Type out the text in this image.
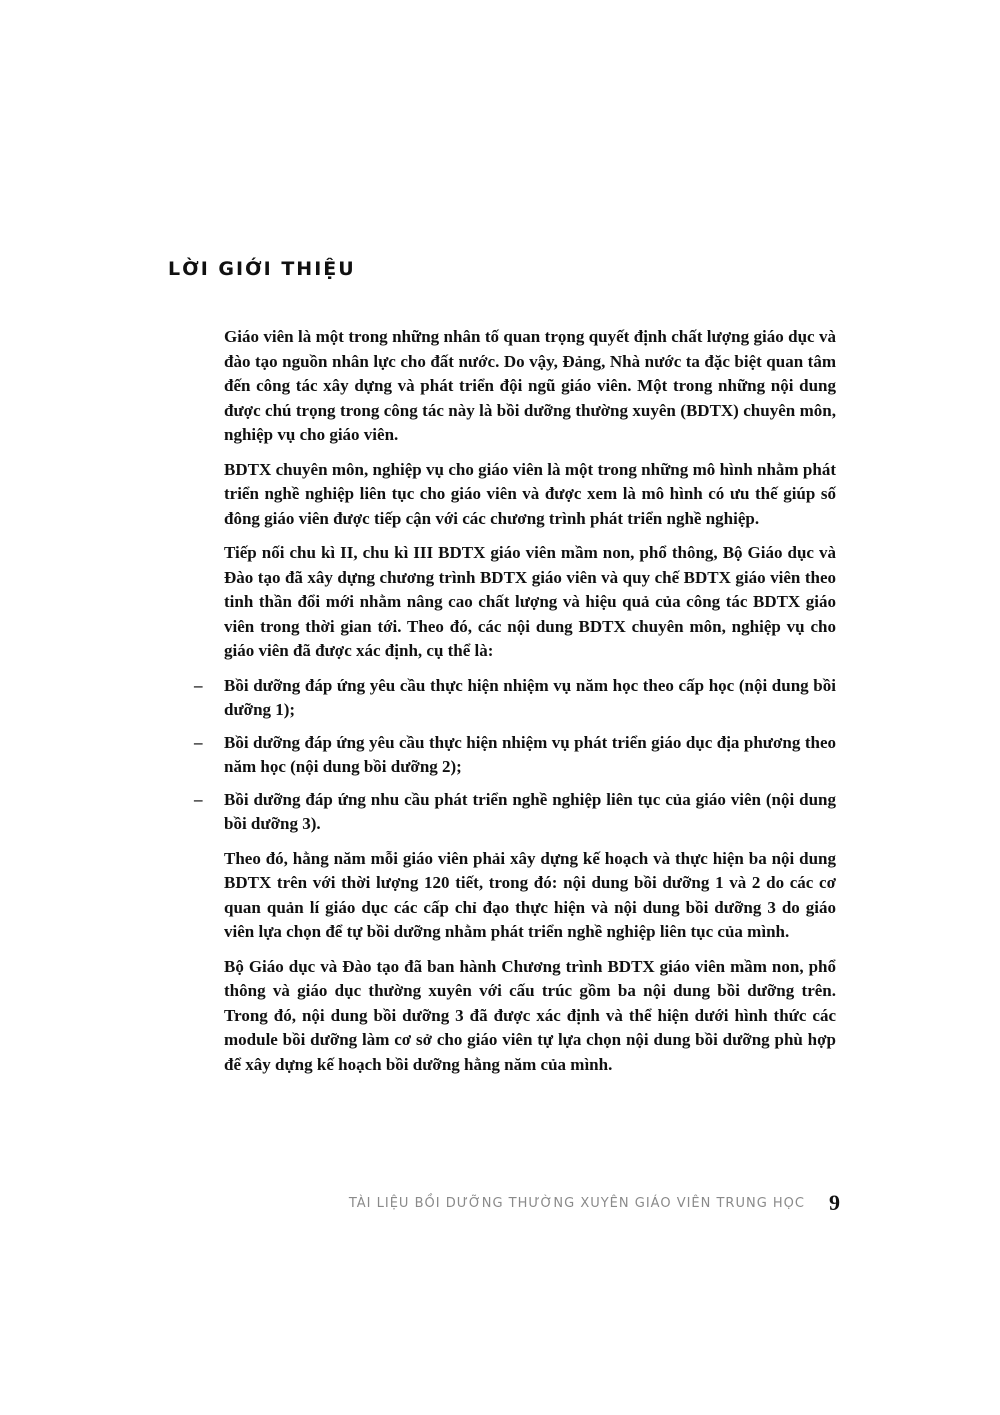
LỜI GIỚI THIỆU

Giáo viên là một trong những nhân tố quan trọng quyết định chất lượng giáo dục và đào tạo nguồn nhân lực cho đất nước. Do vậy, Đảng, Nhà nước ta đặc biệt quan tâm đến công tác xây dựng và phát triển đội ngũ giáo viên. Một trong những nội dung được chú trọng trong công tác này là bồi dưỡng thường xuyên (BDTX) chuyên môn, nghiệp vụ cho giáo viên.

BDTX chuyên môn, nghiệp vụ cho giáo viên là một trong những mô hình nhằm phát triển nghề nghiệp liên tục cho giáo viên và được xem là mô hình có ưu thế giúp số đông giáo viên được tiếp cận với các chương trình phát triển nghề nghiệp.

Tiếp nối chu kì II, chu kì III BDTX giáo viên mầm non, phổ thông, Bộ Giáo dục và Đào tạo đã xây dựng chương trình BDTX giáo viên và quy chế BDTX giáo viên theo tinh thần đổi mới nhằm nâng cao chất lượng và hiệu quả của công tác BDTX giáo viên trong thời gian tới. Theo đó, các nội dung BDTX chuyên môn, nghiệp vụ cho giáo viên đã được xác định, cụ thể là:

– Bồi dưỡng đáp ứng yêu cầu thực hiện nhiệm vụ năm học theo cấp học (nội dung bồi dưỡng 1);
– Bồi dưỡng đáp ứng yêu cầu thực hiện nhiệm vụ phát triển giáo dục địa phương theo năm học (nội dung bồi dưỡng 2);
– Bồi dưỡng đáp ứng nhu cầu phát triển nghề nghiệp liên tục của giáo viên (nội dung bồi dưỡng 3).

Theo đó, hằng năm mỗi giáo viên phải xây dựng kế hoạch và thực hiện ba nội dung BDTX trên với thời lượng 120 tiết, trong đó: nội dung bồi dưỡng 1 và 2 do các cơ quan quản lí giáo dục các cấp chỉ đạo thực hiện và nội dung bồi dưỡng 3 do giáo viên lựa chọn để tự bồi dưỡng nhằm phát triển nghề nghiệp liên tục của mình.

Bộ Giáo dục và Đào tạo đã ban hành Chương trình BDTX giáo viên mầm non, phổ thông và giáo dục thường xuyên với cấu trúc gồm ba nội dung bồi dưỡng trên. Trong đó, nội dung bồi dưỡng 3 đã được xác định và thể hiện dưới hình thức các module bồi dưỡng làm cơ sở cho giáo viên tự lựa chọn nội dung bồi dưỡng phù hợp để xây dựng kế hoạch bồi dưỡng hằng năm của mình.

TÀI LIỆU BỒI DƯỠNG THƯỜNG XUYÊN GIÁO VIÊN TRUNG HỌC 9
